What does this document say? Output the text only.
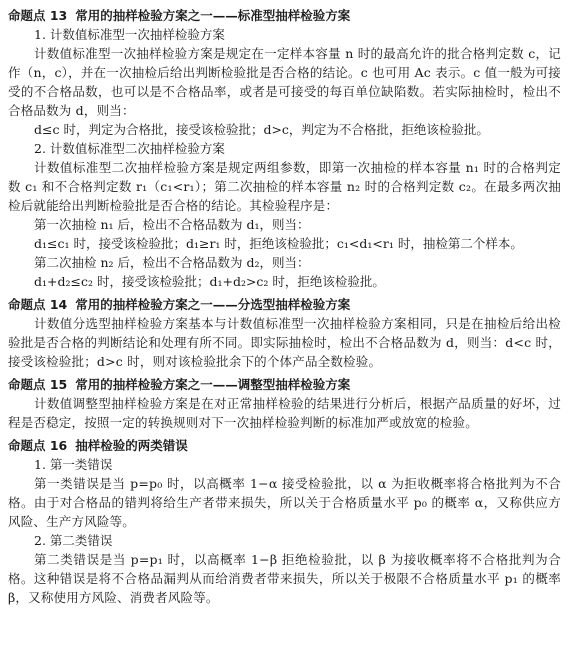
命题点 13 常用的抽样检验方案之一——标准型抽样检验方案
1. 计数值标准型一次抽样检验方案
计数值标准型一次抽样检验方案是规定在一定样本容量 n 时的最高允许的批合格判定数 c，记作（n，c），并在一次抽检后给出判断检验批是否合格的结论。c 也可用 Ac 表示。c 值一般为可接受的不合格品数，也可以是不合格品率，或者是可接受的每百单位缺陷数。若实际抽检时，检出不合格品数为 d，则当：
d≤c 时，判定为合格批，接受该检验批；d>c，判定为不合格批，拒绝该检验批。
2. 计数值标准型二次抽样检验方案
计数值标准型二次抽样检验方案是规定两组参数，即第一次抽检的样本容量 n₁ 时的合格判定数 c₁ 和不合格判定数 r₁（c₁<r₁）；第二次抽检的样本容量 n₂ 时的合格判定数 c₂。在最多两次抽检后就能给出判断检验批是否合格的结论。其检验程序是：
第一次抽检 n₁ 后，检出不合格品数为 d₁，则当：
d₁≤c₁ 时，接受该检验批；d₁≥r₁ 时，拒绝该检验批；c₁<d₁<r₁ 时，抽检第二个样本。
第二次抽检 n₂ 后，检出不合格品数为 d₂，则当：
d₁+d₂≤c₂ 时，接受该检验批；d₁+d₂>c₂ 时，拒绝该检验批。
命题点 14 常用的抽样检验方案之一——分选型抽样检验方案
计数值分选型抽样检验方案基本与计数值标准型一次抽样检验方案相同，只是在抽检后给出检验批是否合格的判断结论和处理有所不同。即实际抽检时，检出不合格品数为 d，则当：d<c 时，接受该检验批；d>c 时，则对该检验批余下的个体产品全数检验。
命题点 15 常用的抽样检验方案之一——调整型抽样检验方案
计数值调整型抽样检验方案是在对正常抽样检验的结果进行分析后，根据产品质量的好坏，过程是否稳定，按照一定的转换规则对下一次抽样检验判断的标准加严或放宽的检验。
命题点 16 抽样检验的两类错误
1. 第一类错误
第一类错误是当 p=p₀ 时，以高概率 1−α 接受检验批，以 α 为拒收概率将合格批判为不合格。由于对合格品的错判将给生产者带来损失，所以关于合格质量水平 p₀ 的概率 α，又称供应方风险、生产方风险等。
2. 第二类错误
第二类错误是当 p=p₁ 时，以高概率 1−β 拒绝检验批，以 β 为接收概率将不合格批判为合格。这种错误是将不合格品漏判从而给消费者带来损失，所以关于极限不合格质量水平 p₁ 的概率 β，又称使用方风险、消费者风险等。
